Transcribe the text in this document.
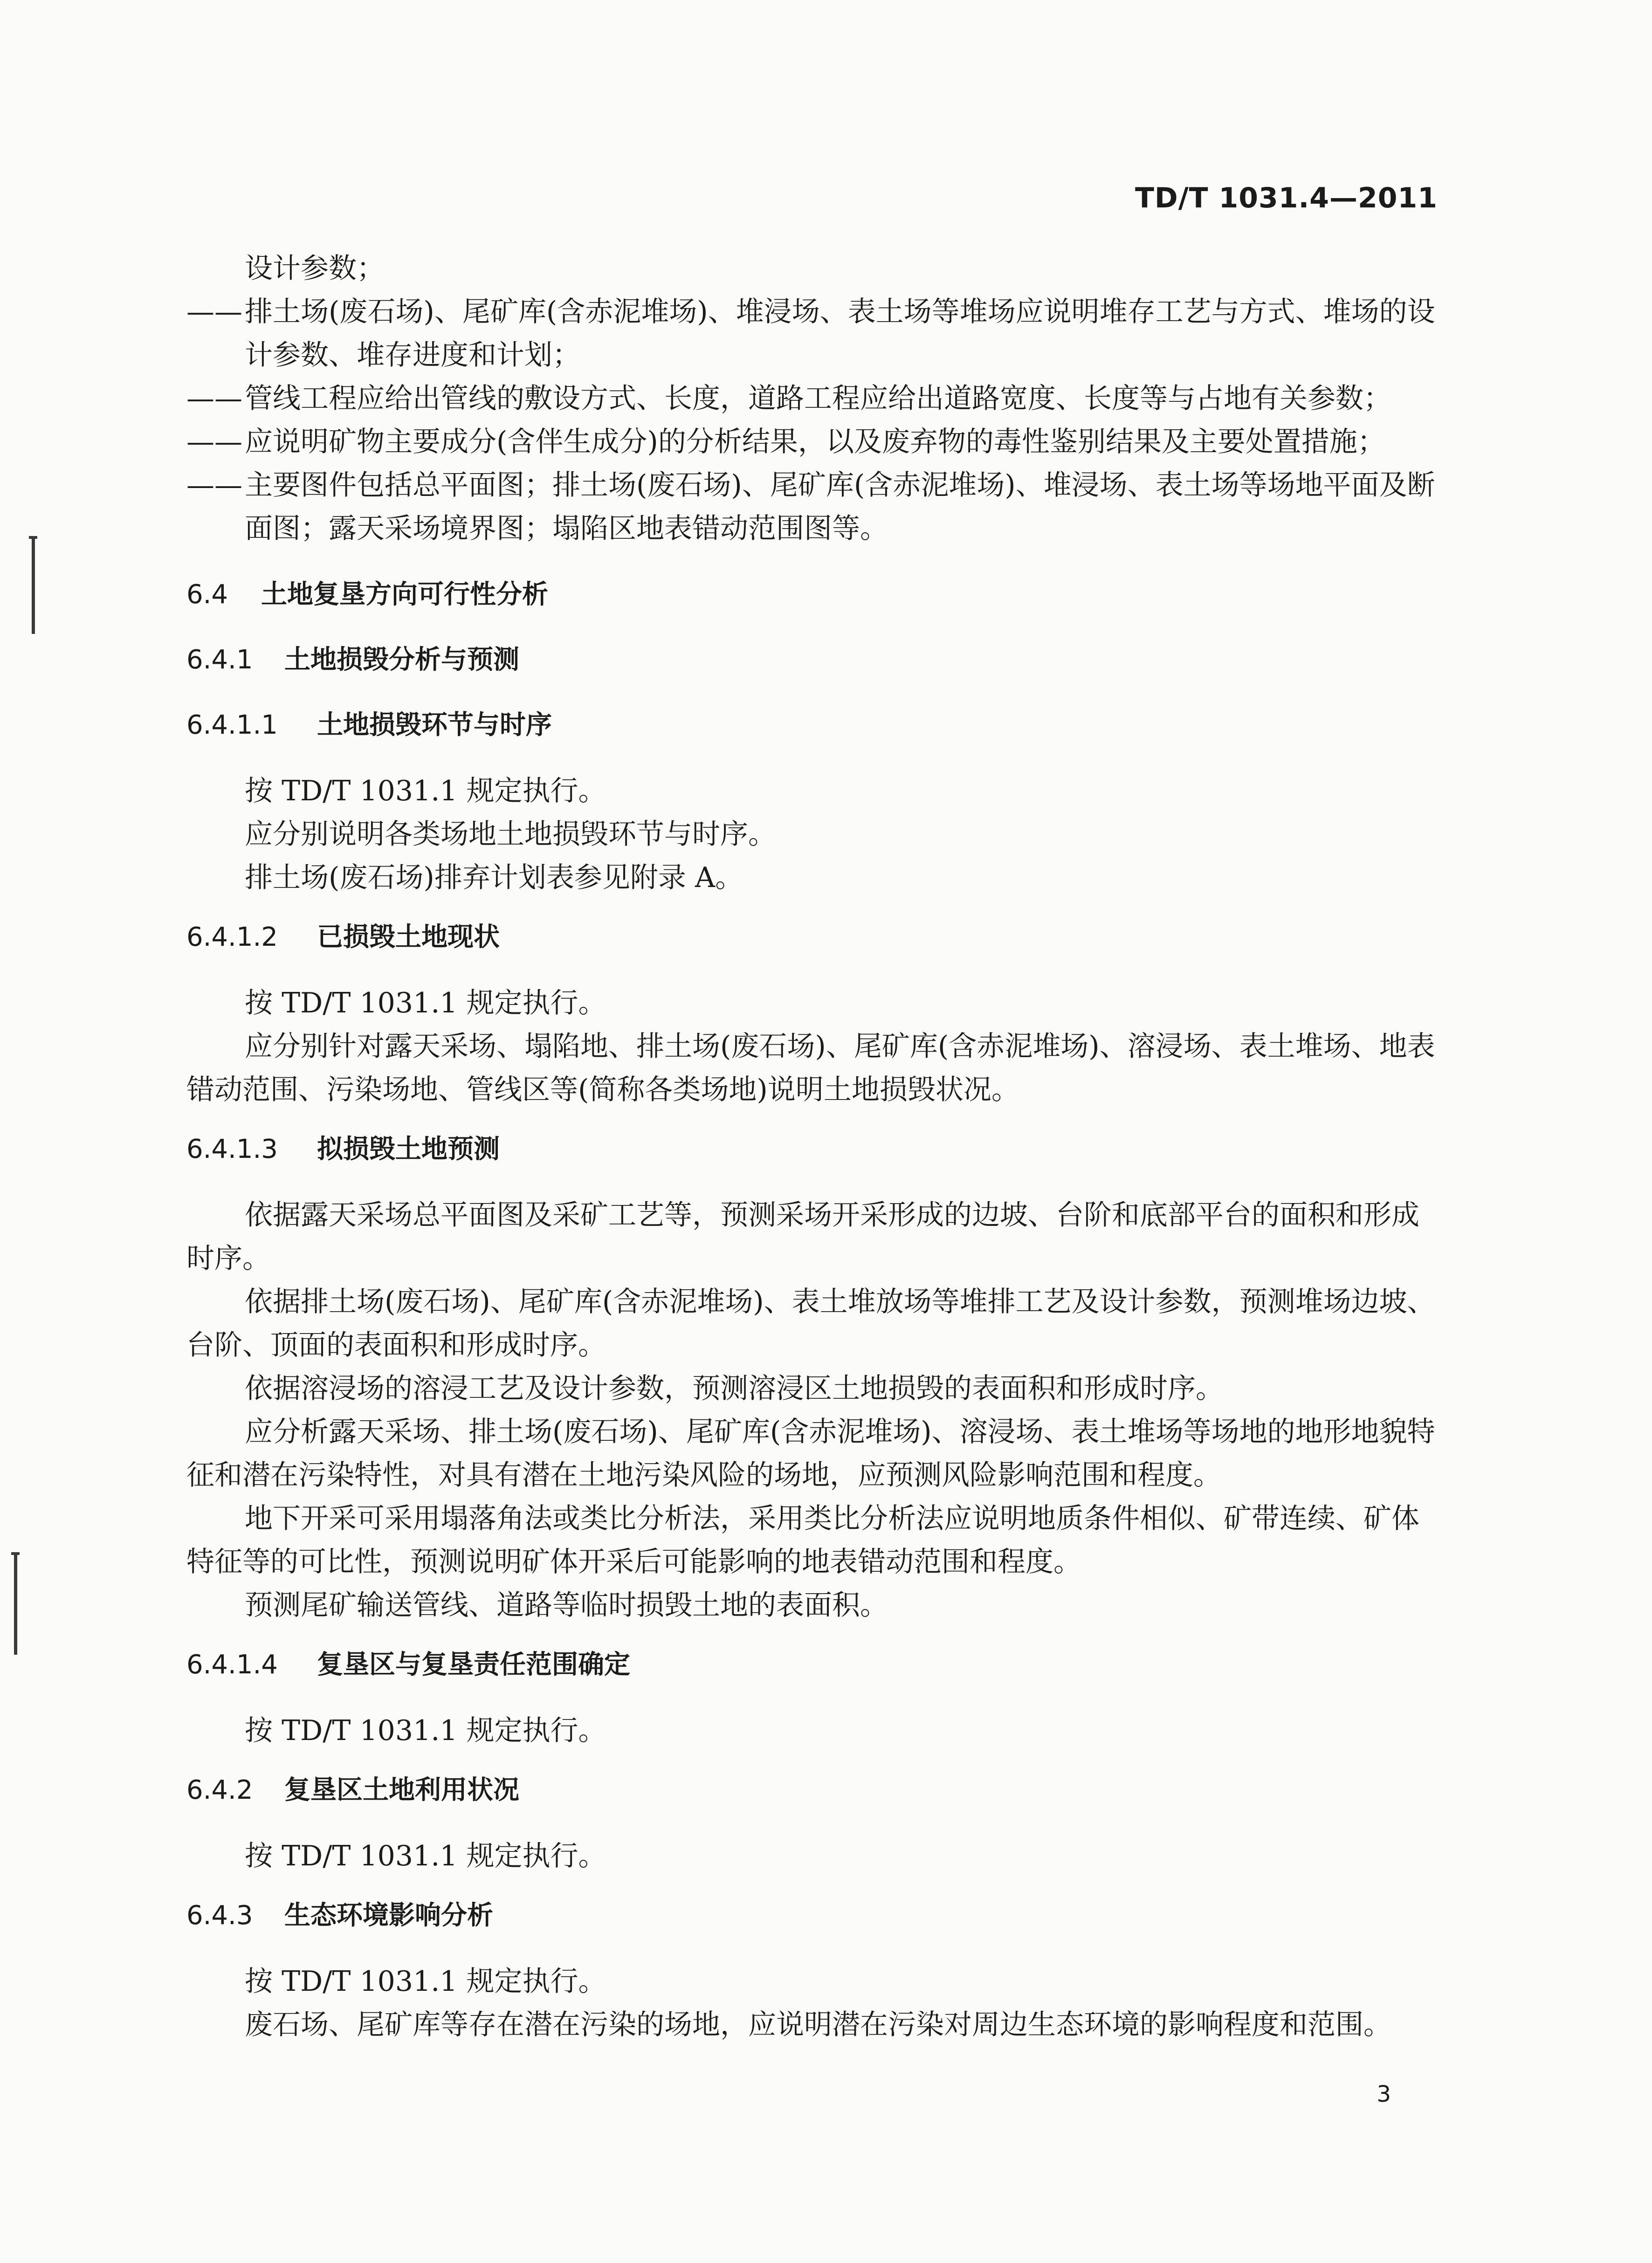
TD/T 1031.4—2011

设计参数；

——排土场(废石场)、尾矿库(含赤泥堆场)、堆浸场、表土场等堆场应说明堆存工艺与方式、堆场的设计参数、堆存进度和计划；

——管线工程应给出管线的敷设方式、长度，道路工程应给出道路宽度、长度等与占地有关参数；

——应说明矿物主要成分(含伴生成分)的分析结果，以及废弃物的毒性鉴别结果及主要处置措施；

——主要图件包括总平面图；排土场(废石场)、尾矿库(含赤泥堆场)、堆浸场、表土场等场地平面及断面图；露天采场境界图；塌陷区地表错动范围图等。

6.4 土地复垦方向可行性分析
6.4.1 土地损毁分析与预测
6.4.1.1 土地损毁环节与时序

按 TD/T 1031.1 规定执行。

应分别说明各类场地土地损毁环节与时序。

排土场(废石场)排弃计划表参见附录 A。

6.4.1.2 已损毁土地现状

按 TD/T 1031.1 规定执行。

应分别针对露天采场、塌陷地、排土场(废石场)、尾矿库(含赤泥堆场)、溶浸场、表土堆场、地表错动范围、污染场地、管线区等(简称各类场地)说明土地损毁状况。

6.4.1.3 拟损毁土地预测

依据露天采场总平面图及采矿工艺等，预测采场开采形成的边坡、台阶和底部平台的面积和形成时序。

依据排土场(废石场)、尾矿库(含赤泥堆场)、表土堆放场等堆排工艺及设计参数，预测堆场边坡、台阶、顶面的表面积和形成时序。

依据溶浸场的溶浸工艺及设计参数，预测溶浸区土地损毁的表面积和形成时序。

应分析露天采场、排土场(废石场)、尾矿库(含赤泥堆场)、溶浸场、表土堆场等场地的地形地貌特征和潜在污染特性，对具有潜在土地污染风险的场地，应预测风险影响范围和程度。

地下开采可采用塌落角法或类比分析法，采用类比分析法应说明地质条件相似、矿带连续、矿体特征等的可比性，预测说明矿体开采后可能影响的地表错动范围和程度。

预测尾矿输送管线、道路等临时损毁土地的表面积。

6.4.1.4 复垦区与复垦责任范围确定

按 TD/T 1031.1 规定执行。

6.4.2 复垦区土地利用状况

按 TD/T 1031.1 规定执行。

6.4.3 生态环境影响分析

按 TD/T 1031.1 规定执行。

废石场、尾矿库等存在潜在污染的场地，应说明潜在污染对周边生态环境的影响程度和范围。

3
